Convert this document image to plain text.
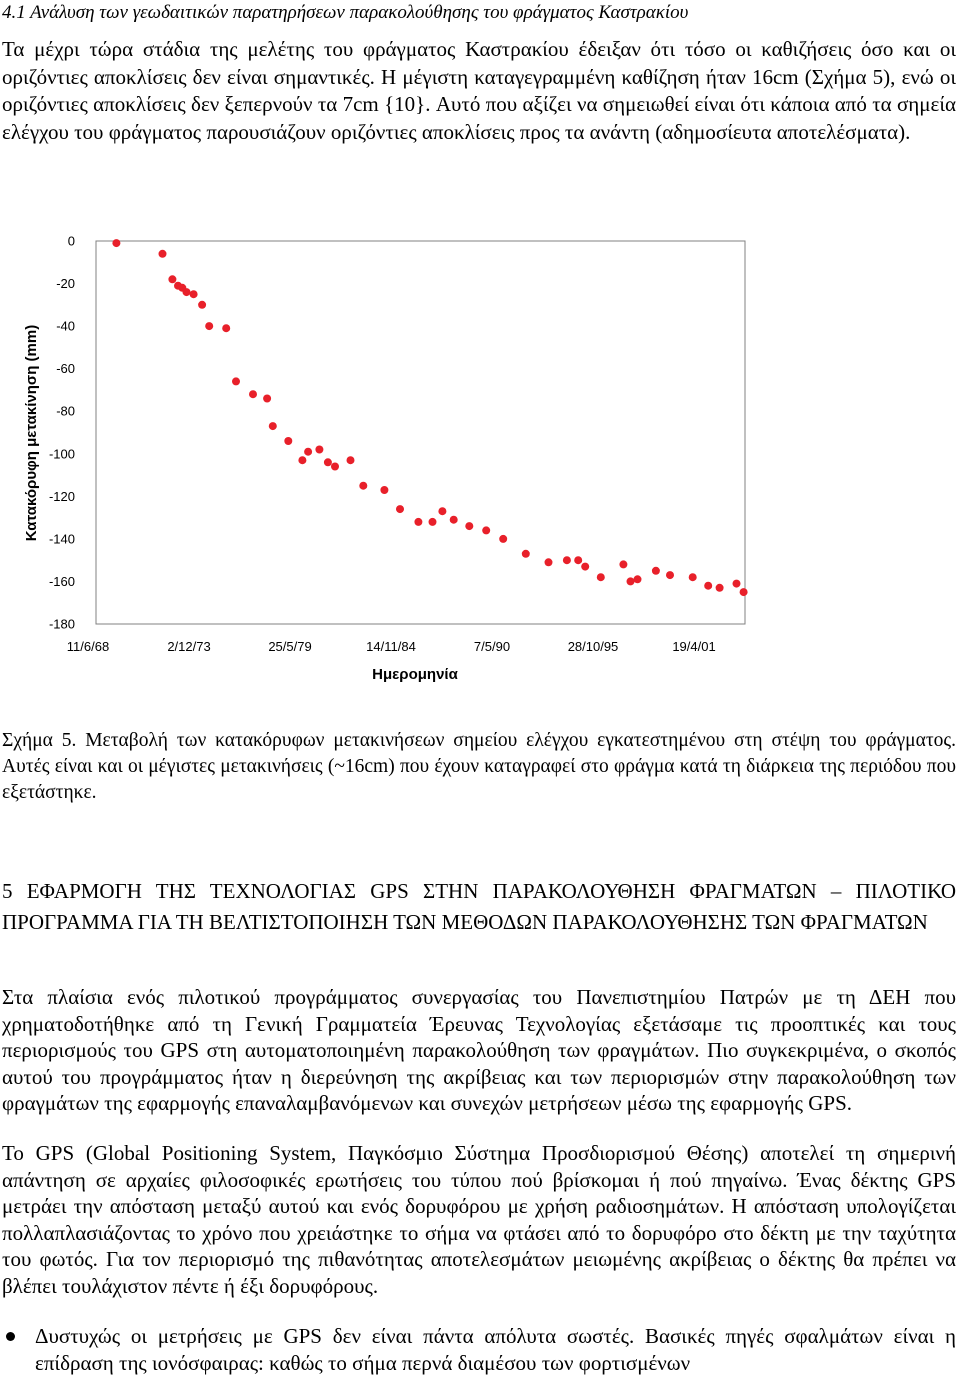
4.1 Ανάλυση των γεωδαιτικών παρατηρήσεων παρακολούθησης του φράγματος Καστρακίου

Τα μέχρι τώρα στάδια της μελέτης του φράγματος Καστρακίου έδειξαν ότι τόσο οι καθιζήσεις όσο και οι οριζόντιες αποκλίσεις δεν είναι σημαντικές. Η μέγιστη καταγεγραμμένη καθίζηση ήταν 16cm (Σχήμα 5), ενώ οι οριζόντιες αποκλίσεις δεν ξεπερνούν τα 7cm {10}. Αυτό που αξίζει να σημειωθεί είναι ότι κάποια από τα σημεία ελέγχου του φράγματος παρουσιάζουν οριζόντιες αποκλίσεις προς τα ανάντη (αδημοσίευτα αποτελέσματα).

0
-20
-40
-60
-80
-100
-120
-140
-160
-180
11/6/68	2/12/73	25/5/79	14/11/84	7/5/90	28/10/95	19/4/01
Κατακόρυφη μετακίνηση (mm)
Ημερομηνία

Σχήμα 5. Μεταβολή των κατακόρυφων μετακινήσεων σημείου ελέγχου εγκατεστημένου στη στέψη του φράγματος. Αυτές είναι και οι μέγιστες μετακινήσεις (~16cm) που έχουν καταγραφεί στο φράγμα κατά τη διάρκεια της περιόδου που εξετάστηκε.

5 ΕΦΑΡΜΟΓΗ ΤΗΣ ΤΕΧΝΟΛΟΓΙΑΣ GPS ΣΤΗΝ ΠΑΡΑΚΟΛΟΥΘΗΣΗ ΦΡΑΓΜΑΤΩΝ – ΠΙΛΟΤΙΚΟ ΠΡΟΓΡΑΜΜΑ ΓΙΑ ΤΗ ΒΕΛΤΙΣΤΟΠΟΙΗΣΗ ΤΩΝ ΜΕΘΟΔΩΝ ΠΑΡΑΚΟΛΟΥΘΗΣΗΣ ΤΩΝ ΦΡΑΓΜΑΤΩΝ

Στα πλαίσια ενός πιλοτικού προγράμματος συνεργασίας του Πανεπιστημίου Πατρών με τη ΔΕΗ που χρηματοδοτήθηκε από τη Γενική Γραμματεία Έρευνας Τεχνολογίας εξετάσαμε τις προοπτικές και τους περιορισμούς του GPS στη αυτοματοποιημένη παρακολούθηση των φραγμάτων. Πιο συγκεκριμένα, ο σκοπός αυτού του προγράμματος ήταν η διερεύνηση της ακρίβειας και των περιορισμών στην παρακολούθηση των φραγμάτων της εφαρμογής επαναλαμβανόμενων και συνεχών μετρήσεων μέσω της εφαρμογής GPS.

Το GPS (Global Positioning System, Παγκόσμιο Σύστημα Προσδιορισμού Θέσης) αποτελεί τη σημερινή απάντηση σε αρχαίες φιλοσοφικές ερωτήσεις του τύπου πού βρίσκομαι ή πού πηγαίνω. Ένας δέκτης GPS μετράει την απόσταση μεταξύ αυτού και ενός δορυφόρου με χρήση ραδιοσημάτων. Η απόσταση υπολογίζεται πολλαπλασιάζοντας το χρόνο που χρειάστηκε το σήμα να φτάσει από το δορυφόρο στο δέκτη με την ταχύτητα του φωτός. Για τον περιορισμό της πιθανότητας αποτελεσμάτων μειωμένης ακρίβειας ο δέκτης θα πρέπει να βλέπει τουλάχιστον πέντε ή έξι δορυφόρους.

Δυστυχώς οι μετρήσεις με GPS δεν είναι πάντα απόλυτα σωστές. Βασικές πηγές σφαλμάτων είναι η επίδραση της ιονόσφαιρας: καθώς το σήμα περνά διαμέσου των φορτισμένων
